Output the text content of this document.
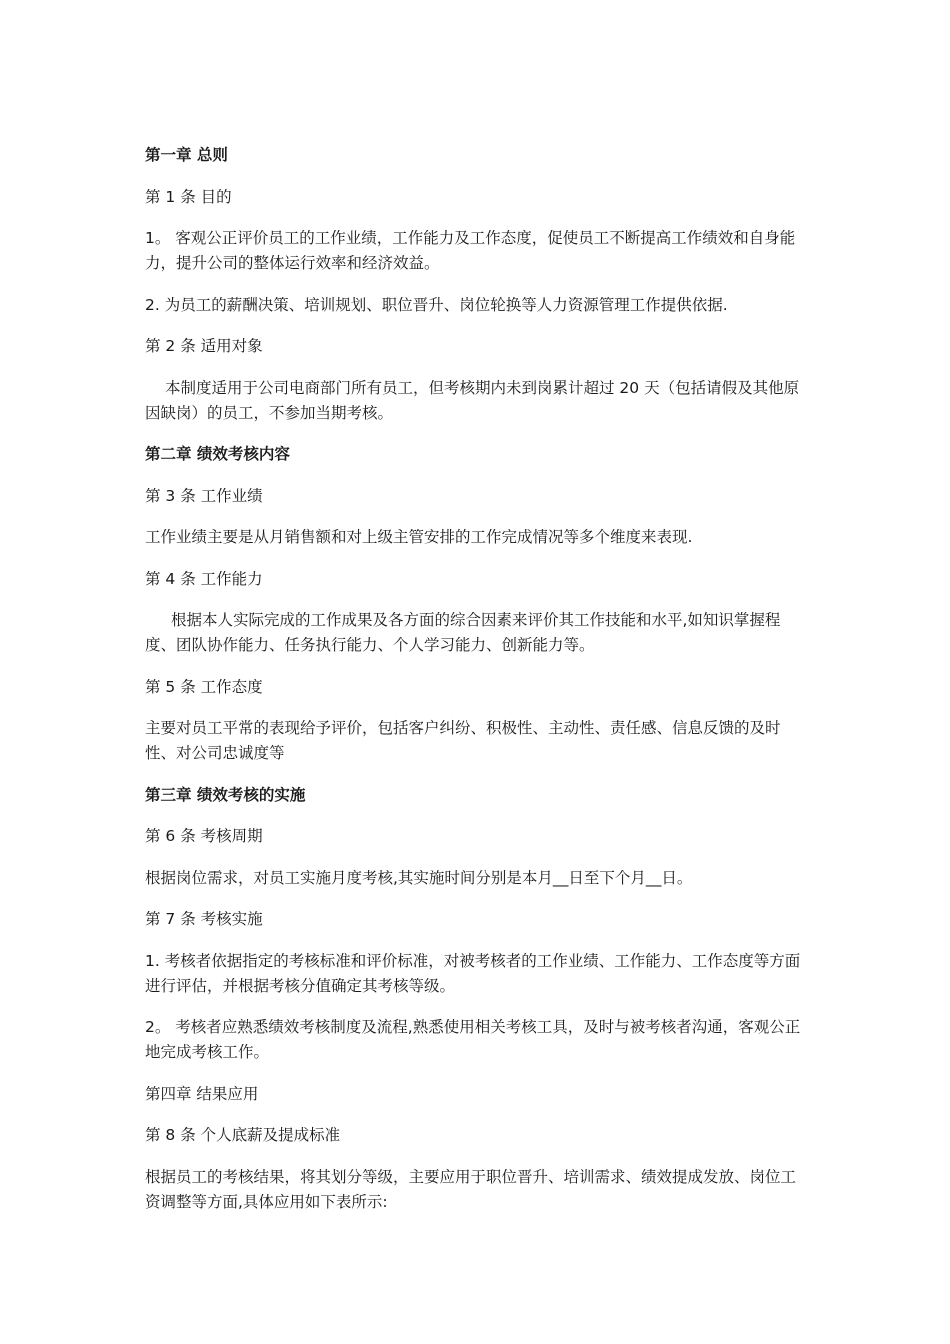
第一章 总则

第 1 条 目的

1。 客观公正评价员工的工作业绩，工作能力及工作态度，促使员工不断提高工作绩效和自身能力，提升公司的整体运行效率和经济效益。

2. 为员工的薪酬决策、培训规划、职位晋升、岗位轮换等人力资源管理工作提供依据.

第 2 条 适用对象

本制度适用于公司电商部门所有员工，但考核期内未到岗累计超过 20 天（包括请假及其他原因缺岗）的员工，不参加当期考核。

第二章 绩效考核内容

第 3 条 工作业绩

工作业绩主要是从月销售额和对上级主管安排的工作完成情况等多个维度来表现.

第 4 条 工作能力

根据本人实际完成的工作成果及各方面的综合因素来评价其工作技能和水平,如知识掌握程度、团队协作能力、任务执行能力、个人学习能力、创新能力等。

第 5 条 工作态度

主要对员工平常的表现给予评价，包括客户纠纷、积极性、主动性、责任感、信息反馈的及时性、对公司忠诚度等

第三章 绩效考核的实施

第 6 条 考核周期

根据岗位需求，对员工实施月度考核,其实施时间分别是本月__日至下个月__日。

第 7 条 考核实施

1. 考核者依据指定的考核标准和评价标准，对被考核者的工作业绩、工作能力、工作态度等方面进行评估，并根据考核分值确定其考核等级。

2。 考核者应熟悉绩效考核制度及流程,熟悉使用相关考核工具，及时与被考核者沟通，客观公正地完成考核工作。

第四章 结果应用

第 8 条 个人底薪及提成标准

根据员工的考核结果，将其划分等级，主要应用于职位晋升、培训需求、绩效提成发放、岗位工资调整等方面,具体应用如下表所示:
